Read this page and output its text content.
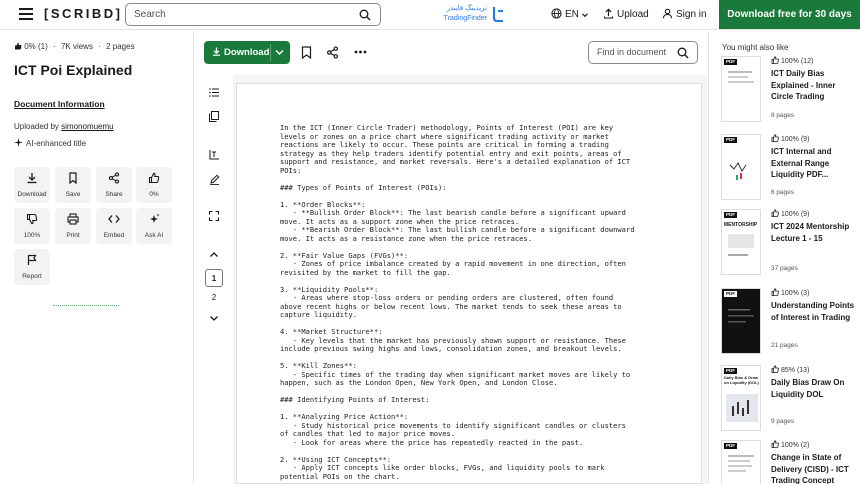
[SCRIBD]	Search
تریدینگ فایندر
TradingFinder	EN	Upload	Sign in	Download free for 30 days
0% (1) · 7K views · 2 pages
ICT Poi Explained
Document Information
Uploaded by simonomuemu
AI-enhanced title
Download	Save	Share	0%
100%	Print	Embed	Ask AI
Report
Download	Find in document
1
2
In the ICT (Inner Circle Trader) methodology, Points of Interest (POI) are key
levels or zones on a price chart where significant trading activity or market
reactions are likely to occur. These points are critical in forming a trading
strategy as they help traders identify potential entry and exit points, areas of
support and resistance, and market reversals. Here's a detailed explanation of ICT
POIs:

### Types of Points of Interest (POIs):

1. **Order Blocks**:
- **Bullish Order Block**: The last bearish candle before a significant upward
move. It acts as a support zone when the price retraces.
- **Bearish Order Block**: The last bullish candle before a significant downward
move. It acts as a resistance zone when the price retraces.

2. **Fair Value Gaps (FVGs)**:
- Zones of price imbalance created by a rapid movement in one direction, often
revisited by the market to fill the gap.

3. **Liquidity Pools**:
- Areas where stop-loss orders or pending orders are clustered, often found
above recent highs or below recent lows. The market tends to seek these areas to
capture liquidity.

4. **Market Structure**:
- Key levels that the market has previously shown support or resistance. These
include previous swing highs and lows, consolidation zones, and breakout levels.

5. **Kill Zones**:
- Specific times of the trading day when significant market moves are likely to
happen, such as the London Open, New York Open, and London Close.

### Identifying Points of Interest:

1. **Analyzing Price Action**:
- Study historical price movements to identify significant candles or clusters
of candles that led to major price moves.
- Look for areas where the price has repeatedly reacted in the past.

2. **Using ICT Concepts**:
- Apply ICT concepts like order blocks, FVGs, and liquidity pools to mark
potential POIs on the chart.
You might also like
PDF	100% (12)
ICT Daily Bias Explained - Inner Circle Trading
8 pages
PDF	100% (9)
ICT Internal and External Range Liquidity PDF...
6 pages
PDF
MENTORSHIP
100% (9)
ICT 2024 Mentorship Lecture 1 - 15
37 pages
PDF	100% (3)
Understanding Points of Interest in Trading
21 pages
PDF
Daily Bias & Draw on Liquidity (DOL)
85% (13)
Daily Bias Draw On Liquidity DOL
9 pages
PDF	100% (2)
Change in State of Delivery (CISD) - ICT Trading Concept
